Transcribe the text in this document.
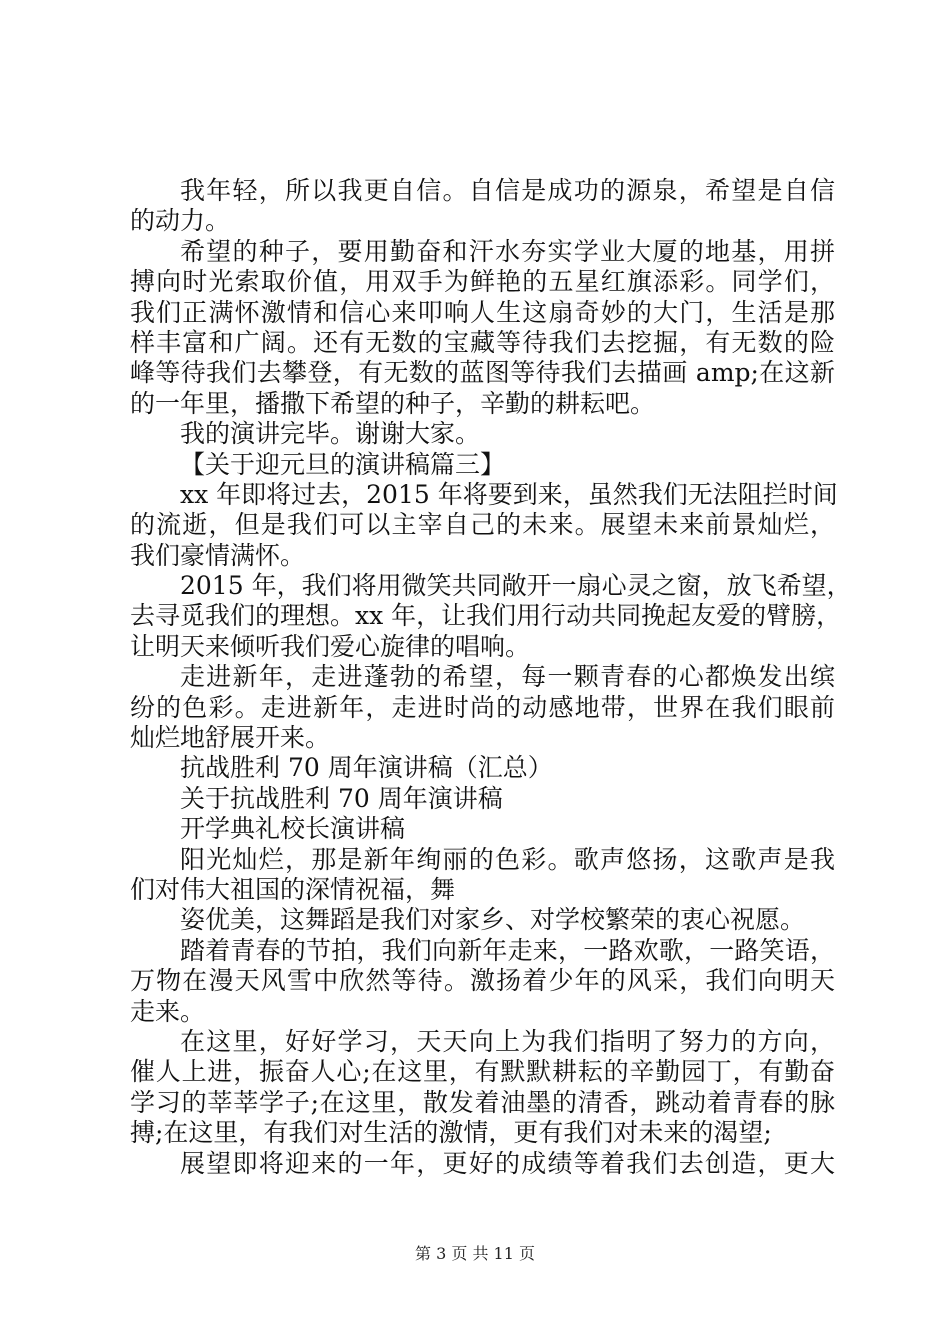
我年轻，所以我更自信。自信是成功的源泉，希望是自信
的动力。
希望的种子，要用勤奋和汗水夯实学业大厦的地基，用拼
搏向时光索取价值，用双手为鲜艳的五星红旗添彩。同学们，
我们正满怀激情和信心来叩响人生这扇奇妙的大门，生活是那
样丰富和广阔。还有无数的宝藏等待我们去挖掘，有无数的险
峰等待我们去攀登，有无数的蓝图等待我们去描画 amp;在这新
的一年里，播撒下希望的种子，辛勤的耕耘吧。
我的演讲完毕。谢谢大家。
【关于迎元旦的演讲稿篇三】
xx 年即将过去，2015 年将要到来，虽然我们无法阻拦时间
的流逝，但是我们可以主宰自己的未来。展望未来前景灿烂，
我们豪情满怀。
2015 年，我们将用微笑共同敞开一扇心灵之窗，放飞希望，
去寻觅我们的理想。xx 年，让我们用行动共同挽起友爱的臂膀，
让明天来倾听我们爱心旋律的唱响。
走进新年，走进蓬勃的希望，每一颗青春的心都焕发出缤
纷的色彩。走进新年，走进时尚的动感地带，世界在我们眼前
灿烂地舒展开来。
抗战胜利 70 周年演讲稿（汇总）
关于抗战胜利 70 周年演讲稿
开学典礼校长演讲稿
阳光灿烂，那是新年绚丽的色彩。歌声悠扬，这歌声是我
们对伟大祖国的深情祝福，舞
姿优美，这舞蹈是我们对家乡、对学校繁荣的衷心祝愿。
踏着青春的节拍，我们向新年走来，一路欢歌，一路笑语，
万物在漫天风雪中欣然等待。激扬着少年的风采，我们向明天
走来。
在这里，好好学习，天天向上为我们指明了努力的方向，
催人上进，振奋人心;在这里，有默默耕耘的辛勤园丁，有勤奋
学习的莘莘学子;在这里，散发着油墨的清香，跳动着青春的脉
搏;在这里，有我们对生活的激情，更有我们对未来的渴望;
展望即将迎来的一年，更好的成绩等着我们去创造，更大
第 3 页 共 11 页
